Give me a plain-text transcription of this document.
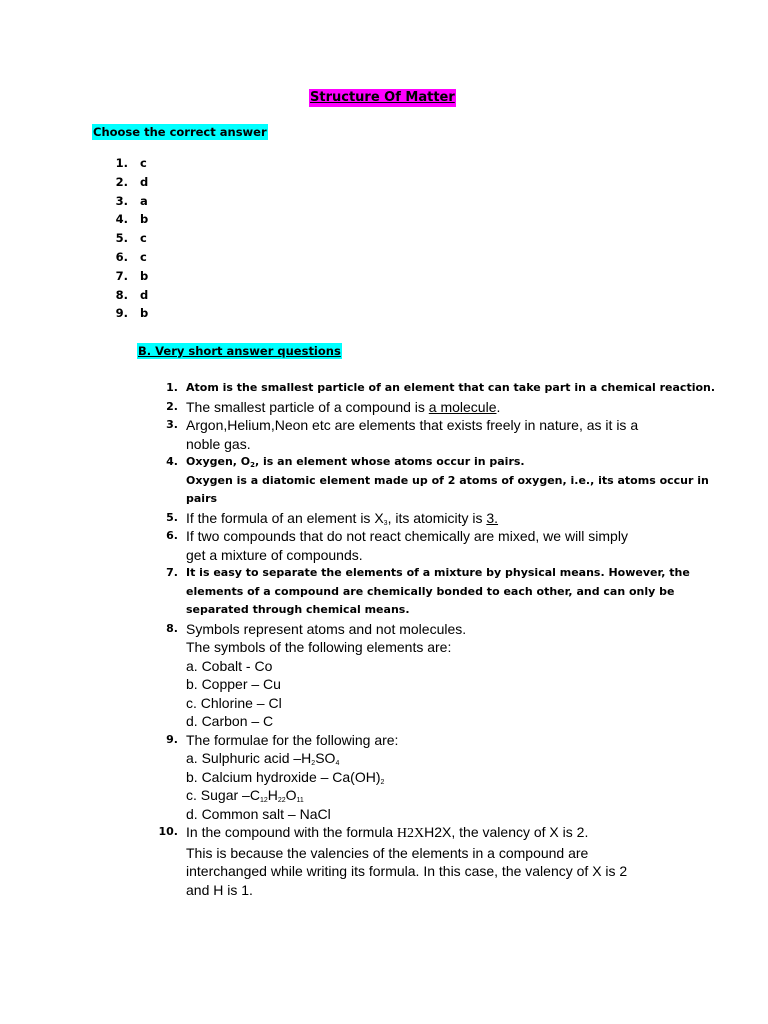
Structure Of Matter
Choose the correct answer
1. c
2. d
3. a
4. b
5. c
6. c
7. b
8. d
9. b
B. Very short answer questions
1. Atom is the smallest particle of an element that can take part in a chemical reaction.
2. The smallest particle of a compound is a molecule.
3. Argon,Helium,Neon etc are elements that exists freely in nature, as it is a
noble gas.
4. Oxygen, $O_2$, is an element whose atoms occur in pairs.
Oxygen is a diatomic element made up of 2 atoms of oxygen, i.e., its atoms occur in
pairs
5. If the formula of an element is $X_3$, its atomicity is 3.
6. If two compounds that do not react chemically are mixed, we will simply
get a mixture of compounds.
7. It is easy to separate the elements of a mixture by physical means. However, the
elements of a compound are chemically bonded to each other, and can only be
separated through chemical means.
8. Symbols represent atoms and not molecules.
The symbols of the following elements are:
a. Cobalt - Co
b. Copper – Cu
c. Chlorine – Cl
d. Carbon – C
9. The formulae for the following are:
a. Sulphuric acid $-H_2SO_4$
b. Calcium hydroxide – $Ca(OH)_2$
c. Sugar $-C_{12}H_{22}O_{11}$
d. Common salt – NaCl
10. In the compound with the formula H2XH2X, the valency of X is 2.
This is because the valencies of the elements in a compound are
interchanged while writing its formula. In this case, the valency of X is 2
and H is 1.
